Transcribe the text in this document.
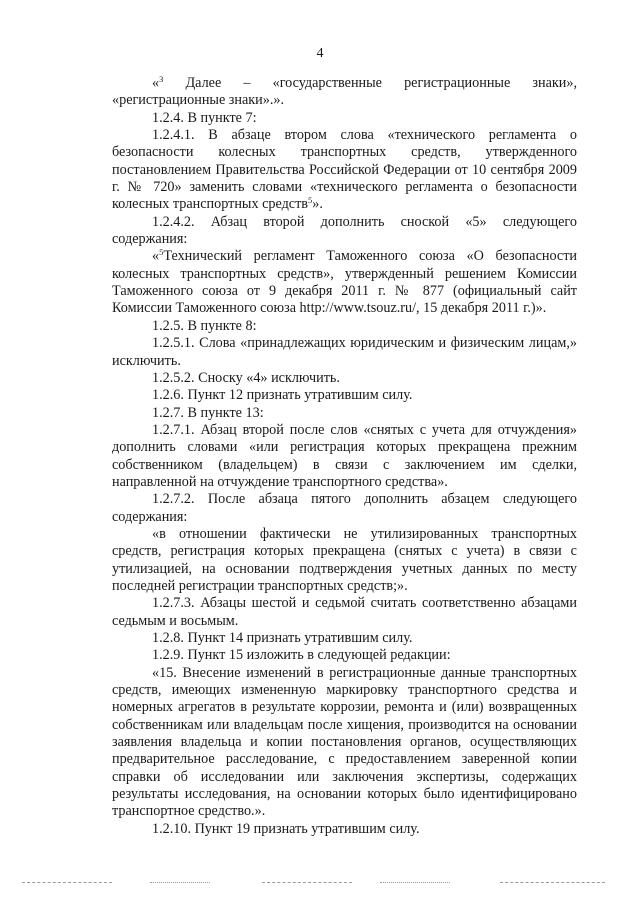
4

«$^3$ Далее – «государственные регистрационные знаки», «регистрационные знаки».».

1.2.4. В пункте 7:

1.2.4.1. В абзаце втором слова «технического регламента о безопасности колесных транспортных средств, утвержденного постановлением Правительства Российской Федерации от 10 сентября 2009 г. № 720» заменить словами «технического регламента о безопасности колесных транспортных средств$^5$».

1.2.4.2. Абзац второй дополнить сноской «5» следующего содержания:

«$^5$Технический регламент Таможенного союза «О безопасности колесных транспортных средств», утвержденный решением Комиссии Таможенного союза от 9 декабря 2011 г. № 877 (официальный сайт Комиссии Таможенного союза http://www.tsouz.ru/, 15 декабря 2011 г.)».

1.2.5. В пункте 8:

1.2.5.1. Слова «принадлежащих юридическим и физическим лицам,» исключить.

1.2.5.2. Сноску «4» исключить.

1.2.6. Пункт 12 признать утратившим силу.

1.2.7. В пункте 13:

1.2.7.1. Абзац второй после слов «снятых с учета для отчуждения» дополнить словами «или регистрация которых прекращена прежним собственником (владельцем) в связи с заключением им сделки, направленной на отчуждение транспортного средства».

1.2.7.2. После абзаца пятого дополнить абзацем следующего содержания:

«в отношении фактически не утилизированных транспортных средств, регистрация которых прекращена (снятых с учета) в связи с утилизацией, на основании подтверждения учетных данных по месту последней регистрации транспортных средств;».

1.2.7.3. Абзацы шестой и седьмой считать соответственно абзацами седьмым и восьмым.

1.2.8. Пункт 14 признать утратившим силу.

1.2.9. Пункт 15 изложить в следующей редакции:

«15. Внесение изменений в регистрационные данные транспортных средств, имеющих измененную маркировку транспортного средства и номерных агрегатов в результате коррозии, ремонта и (или) возвращенных собственникам или владельцам после хищения, производится на основании заявления владельца и копии постановления органов, осуществляющих предварительное расследование, с предоставлением заверенной копии справки об исследовании или заключения экспертизы, содержащих результаты исследования, на основании которых было идентифицировано транспортное средство.».

1.2.10. Пункт 19 признать утратившим силу.
